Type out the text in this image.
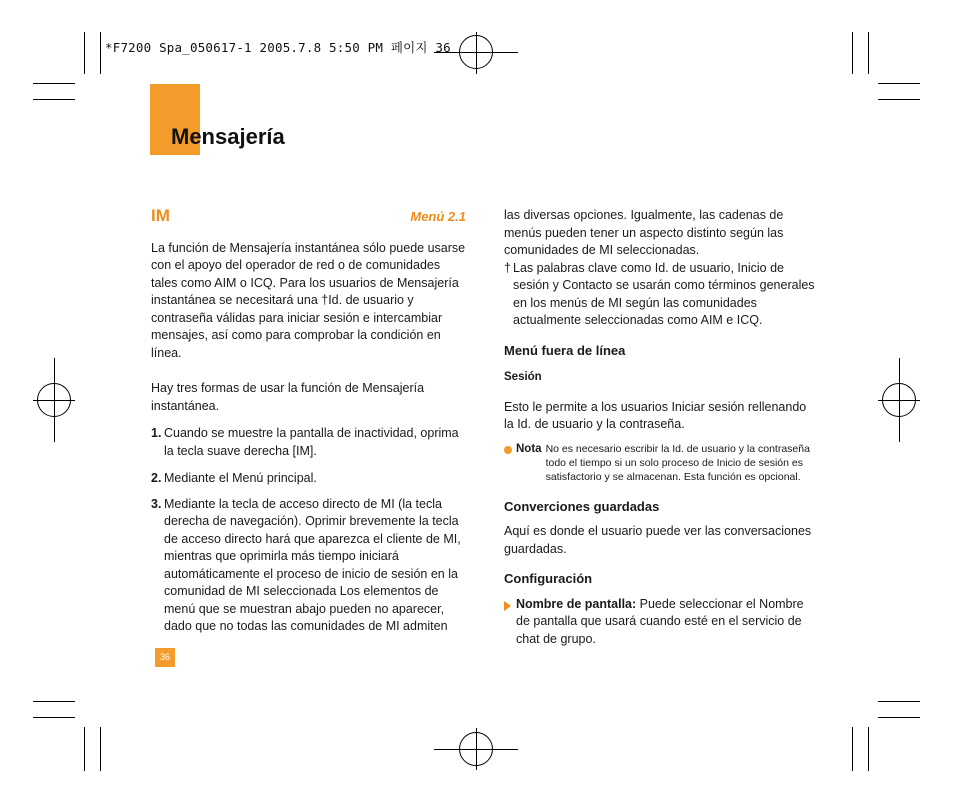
*F7200 Spa_050617-1 2005.7.8 5:50 PM 페이지 36
Mensajería
IM	Menú 2.1

La función de Mensajería instantánea sólo puede usarse con el apoyo del operador de red o de comunidades tales como AIM o ICQ. Para los usuarios de Mensajería instantánea se necesitará una †Id. de usuario y contraseña válidas para iniciar sesión e intercambiar mensajes, así como para comprobar la condición en línea.

Hay tres formas de usar la función de Mensajería instantánea.

1. Cuando se muestre la pantalla de inactividad, oprima la tecla suave derecha [IM].
2. Mediante el Menú principal.
3. Mediante la tecla de acceso directo de MI (la tecla derecha de navegación). Oprimir brevemente la tecla de acceso directo hará que aparezca el cliente de MI, mientras que oprimirla más tiempo iniciará automáticamente el proceso de inicio de sesión en la comunidad de MI seleccionada Los elementos de menú que se muestran abajo pueden no aparecer, dado que no todas las comunidades de MI admiten

las diversas opciones. Igualmente, las cadenas de menús pueden tener un aspecto distinto según las comunidades de MI seleccionadas.

† Las palabras clave como Id. de usuario, Inicio de sesión y Contacto se usarán como términos generales en los menús de MI según las comunidades actualmente seleccionadas como AIM e ICQ.

Menú fuera de línea

Sesión

Esto le permite a los usuarios Iniciar sesión rellenando la Id. de usuario y la contraseña.

Nota No es necesario escribir la Id. de usuario y la contraseña todo el tiempo si un solo proceso de Inicio de sesión es satisfactorio y se almacenan. Esta función es opcional.

Converciones guardadas

Aquí es donde el usuario puede ver las conversaciones guardadas.

Configuración

Nombre de pantalla: Puede seleccionar el Nombre de pantalla que usará cuando esté en el servicio de chat de grupo.
36
